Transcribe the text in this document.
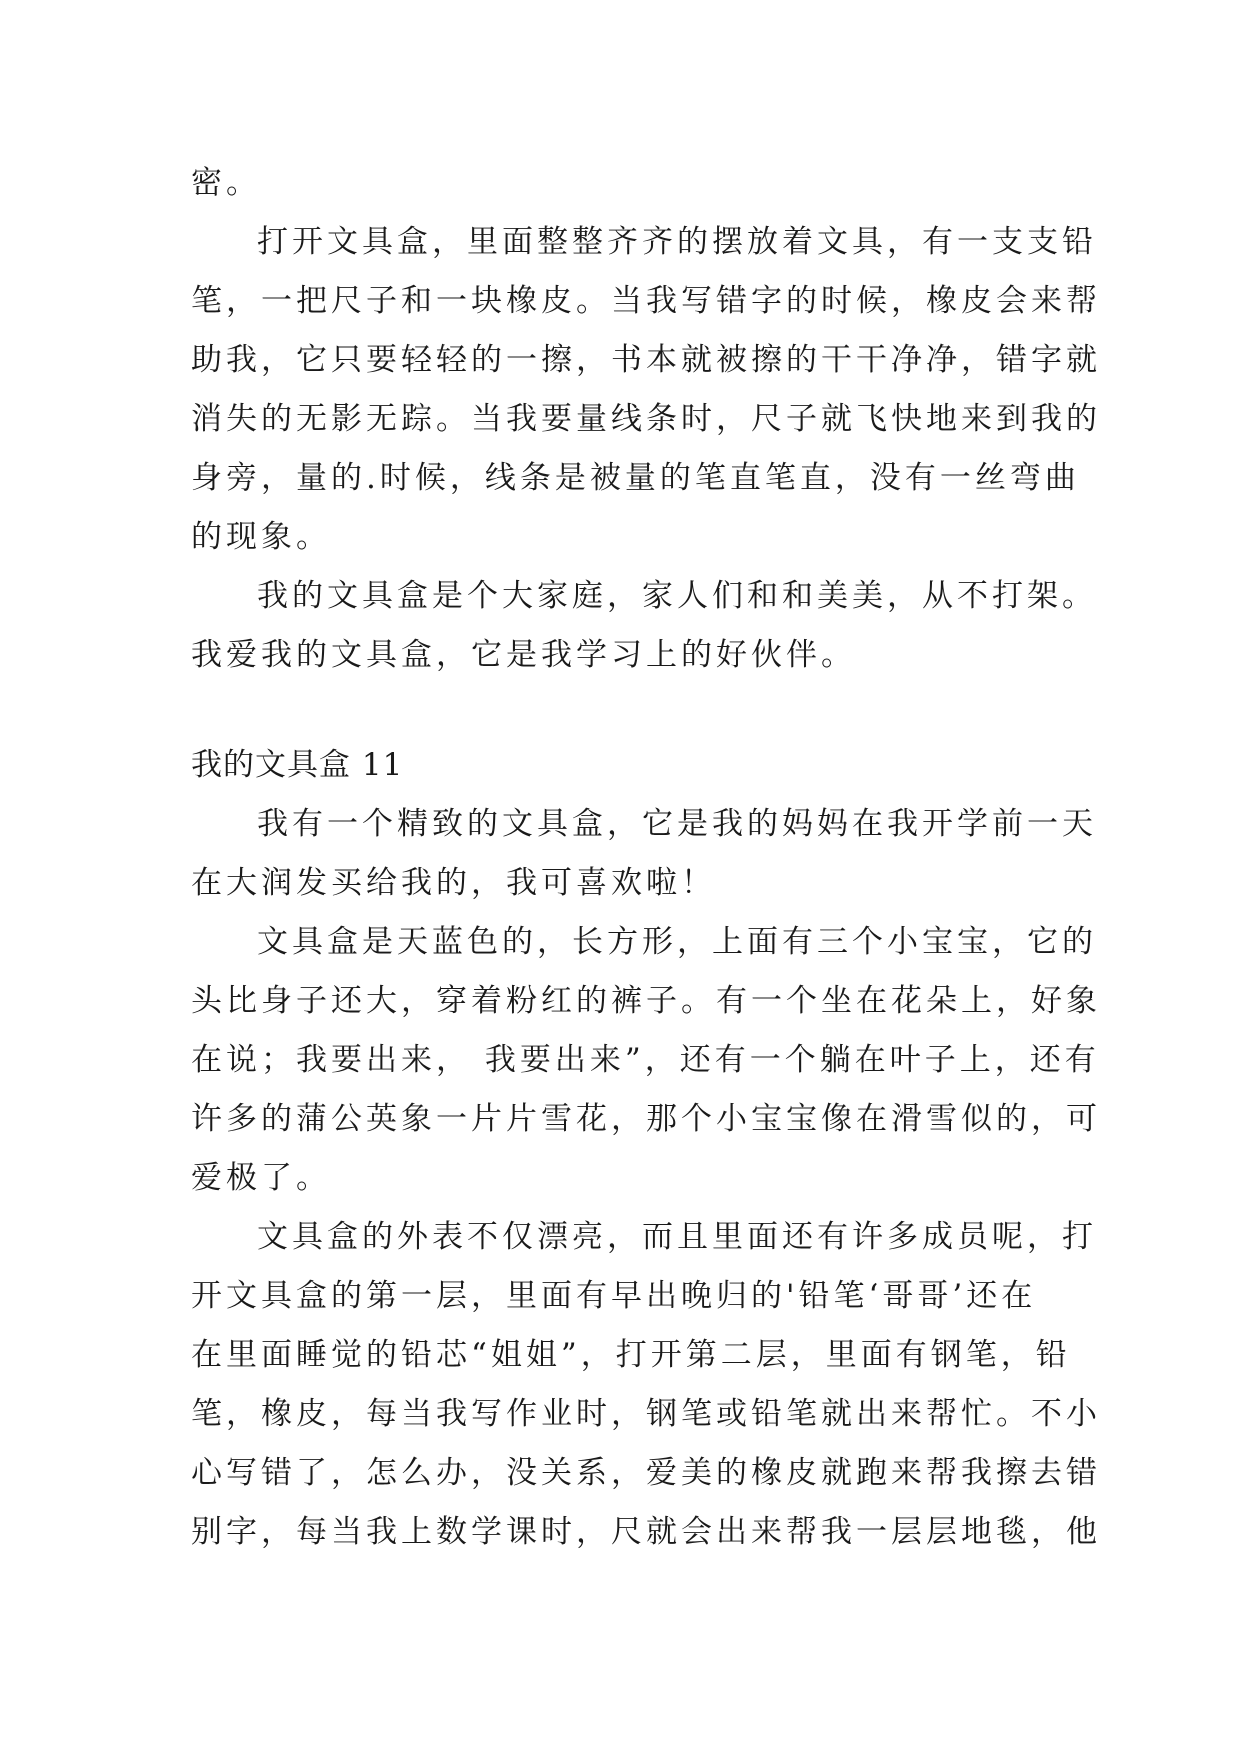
密。
打开文具盒，里面整整齐齐的摆放着文具，有一支支铅
笔，一把尺子和一块橡皮。当我写错字的时候，橡皮会来帮
助我，它只要轻轻的一擦，书本就被擦的干干净净，错字就
消失的无影无踪。当我要量线条时，尺子就飞快地来到我的
身旁，量的.时候，线条是被量的笔直笔直，没有一丝弯曲
的现象。
我的文具盒是个大家庭，家人们和和美美，从不打架。
我爱我的文具盒，它是我学习上的好伙伴。
我的文具盒 11
我有一个精致的文具盒，它是我的妈妈在我开学前一天
在大润发买给我的，我可喜欢啦！
文具盒是天蓝色的，长方形，上面有三个小宝宝，它的
头比身子还大，穿着粉红的裤子。有一个坐在花朵上，好象
在说；我要出来， 我要出来”，还有一个躺在叶子上，还有
许多的蒲公英象一片片雪花，那个小宝宝像在滑雪似的，可
爱极了。
文具盒的外表不仅漂亮，而且里面还有许多成员呢，打
开文具盒的第一层，里面有早出晚归的'铅笔‘哥哥’还在
在里面睡觉的铅芯“姐姐”，打开第二层，里面有钢笔，铅
笔，橡皮，每当我写作业时，钢笔或铅笔就出来帮忙。不小
心写错了，怎么办，没关系，爱美的橡皮就跑来帮我擦去错
别字，每当我上数学课时，尺就会出来帮我一层层地毯，他
